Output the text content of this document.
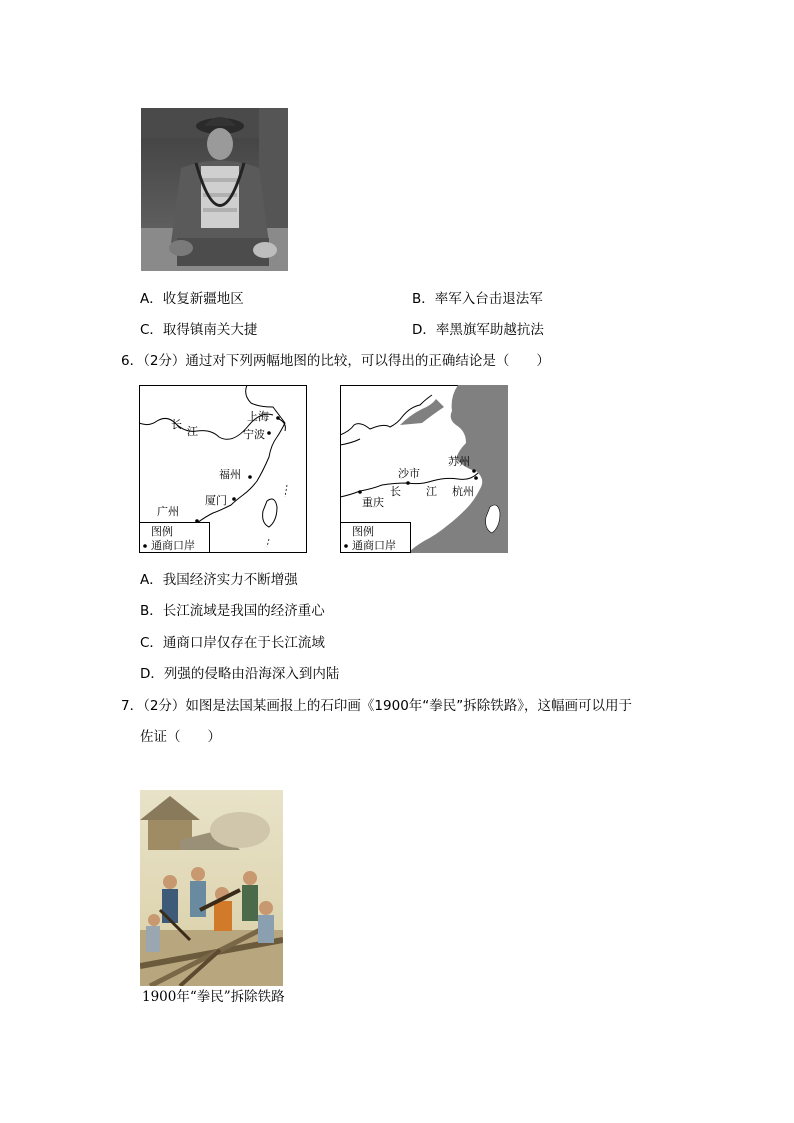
A．收复新疆地区	B．率军入台击退法军
C．取得镇南关大捷	D．率黑旗军助越抗法
6．（2分）通过对下列两幅地图的比较，可以得出的正确结论是（　　）
上海
宁波
福州
厦门
广州
长
江
图例
通商口岸
苏州
沙市
长 江 杭州
重庆
图例
通商口岸
A．我国经济实力不断增强
B．长江流域是我国的经济重心
C．通商口岸仅存在于长江流域
D．列强的侵略由沿海深入到内陆
7．（2分）如图是法国某画报上的石印画《1900年“拳民”拆除铁路》，这幅画可以用于
佐证（　　）
1900年“拳民”拆除铁路
